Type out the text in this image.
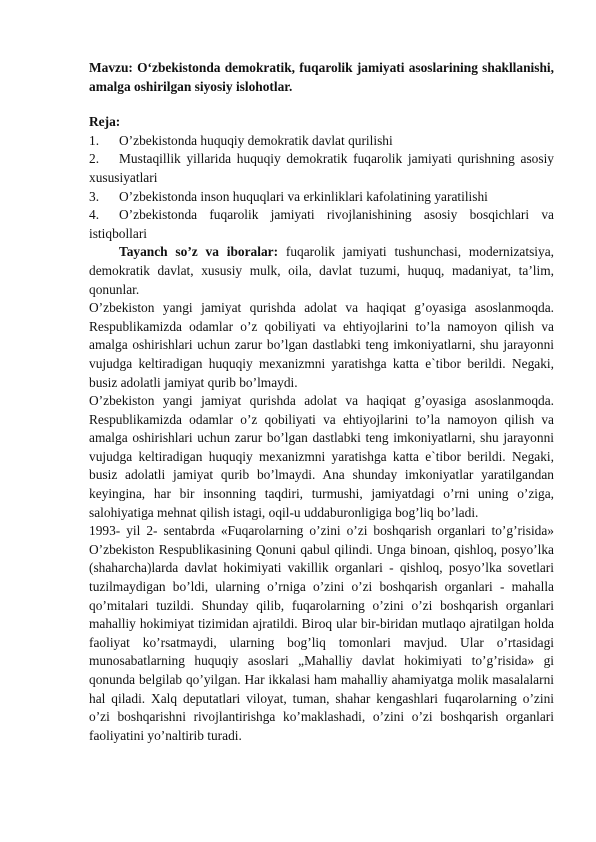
Mavzu: O‘zbekistonda demokratik, fuqarolik jamiyati asoslarining shakllanishi, amalga oshirilgan siyosiy islohotlar.

Reja:

1. O’zbekistonda huquqiy demokratik davlat qurilishi

2. Mustaqillik yillarida huquqiy demokratik fuqarolik jamiyati qurishning asosiy xususiyatlari

3. O’zbekistonda inson huquqlari va erkinliklari kafolatining yaratilishi

4. O’zbekistonda fuqarolik jamiyati rivojlanishining asosiy bosqichlari va istiqbollari

Tayanch so’z va iboralar: fuqarolik jamiyati tushunchasi, modernizatsiya, demokratik davlat, xususiy mulk, oila, davlat tuzumi, huquq, madaniyat, ta’lim, qonunlar.

O’zbekiston yangi jamiyat qurishda adolat va haqiqat g’oyasiga asoslanmoqda. Respublikamizda odamlar o’z qobiliyati va ehtiyojlarini to’la namoyon qilish va amalga oshirishlari uchun zarur bo’lgan dastlabki teng imkoniyatlarni, shu jarayonni vujudga keltiradigan huquqiy mexanizmni yaratishga katta e`tibor berildi. Negaki, busiz adolatli jamiyat qurib bo’lmaydi.

O’zbekiston yangi jamiyat qurishda adolat va haqiqat g’oyasiga asoslanmoqda. Respublikamizda odamlar o’z qobiliyati va ehtiyojlarini to’la namoyon qilish va amalga oshirishlari uchun zarur bo’lgan dastlabki teng imkoniyatlarni, shu jarayonni vujudga keltiradigan huquqiy mexanizmni yaratishga katta e`tibor berildi. Negaki, busiz adolatli jamiyat qurib bo’lmaydi. Ana shunday imkoniyatlar yaratilgandan keyingina, har bir insonning taqdiri, turmushi, jamiyatdagi o’rni uning o’ziga, salohiyatiga mehnat qilish istagi, oqil-u uddaburonligiga bog’liq bo’ladi.

1993- yil 2- sentabrda «Fuqarolarning o’zini o’zi boshqarish organlari to’g’risida» O’zbekiston Respublikasining Qonuni qabul qilindi. Unga binoan, qishloq, posyo’lka (shaharcha)larda davlat hokimiyati vakillik organlari - qishloq, posyo’lka sovetlari tuzilmaydigan bo’ldi, ularning o’rniga o’zini o’zi boshqarish organlari - mahalla qo’mitalari tuzildi. Shunday qilib, fuqarolarning o’zini o’zi boshqarish organlari mahalliy hokimiyat tizimidan ajratildi. Biroq ular bir-biridan mutlaqo ajratilgan holda faoliyat ko’rsatmaydi, ularning bog’liq tomonlari mavjud. Ular o’rtasidagi munosabatlarning huquqiy asoslari „Mahalliy davlat hokimiyati to’g’risida» gi qonunda belgilab qo’yilgan. Har ikkalasi ham mahalliy ahamiyatga molik masalalarni hal qiladi. Xalq deputatlari viloyat, tuman, shahar kengashlari fuqarolarning o’zini o’zi boshqarishni rivojlantirishga ko’maklashadi, o’zini o’zi boshqarish organlari faoliyatini yo’naltirib turadi.
